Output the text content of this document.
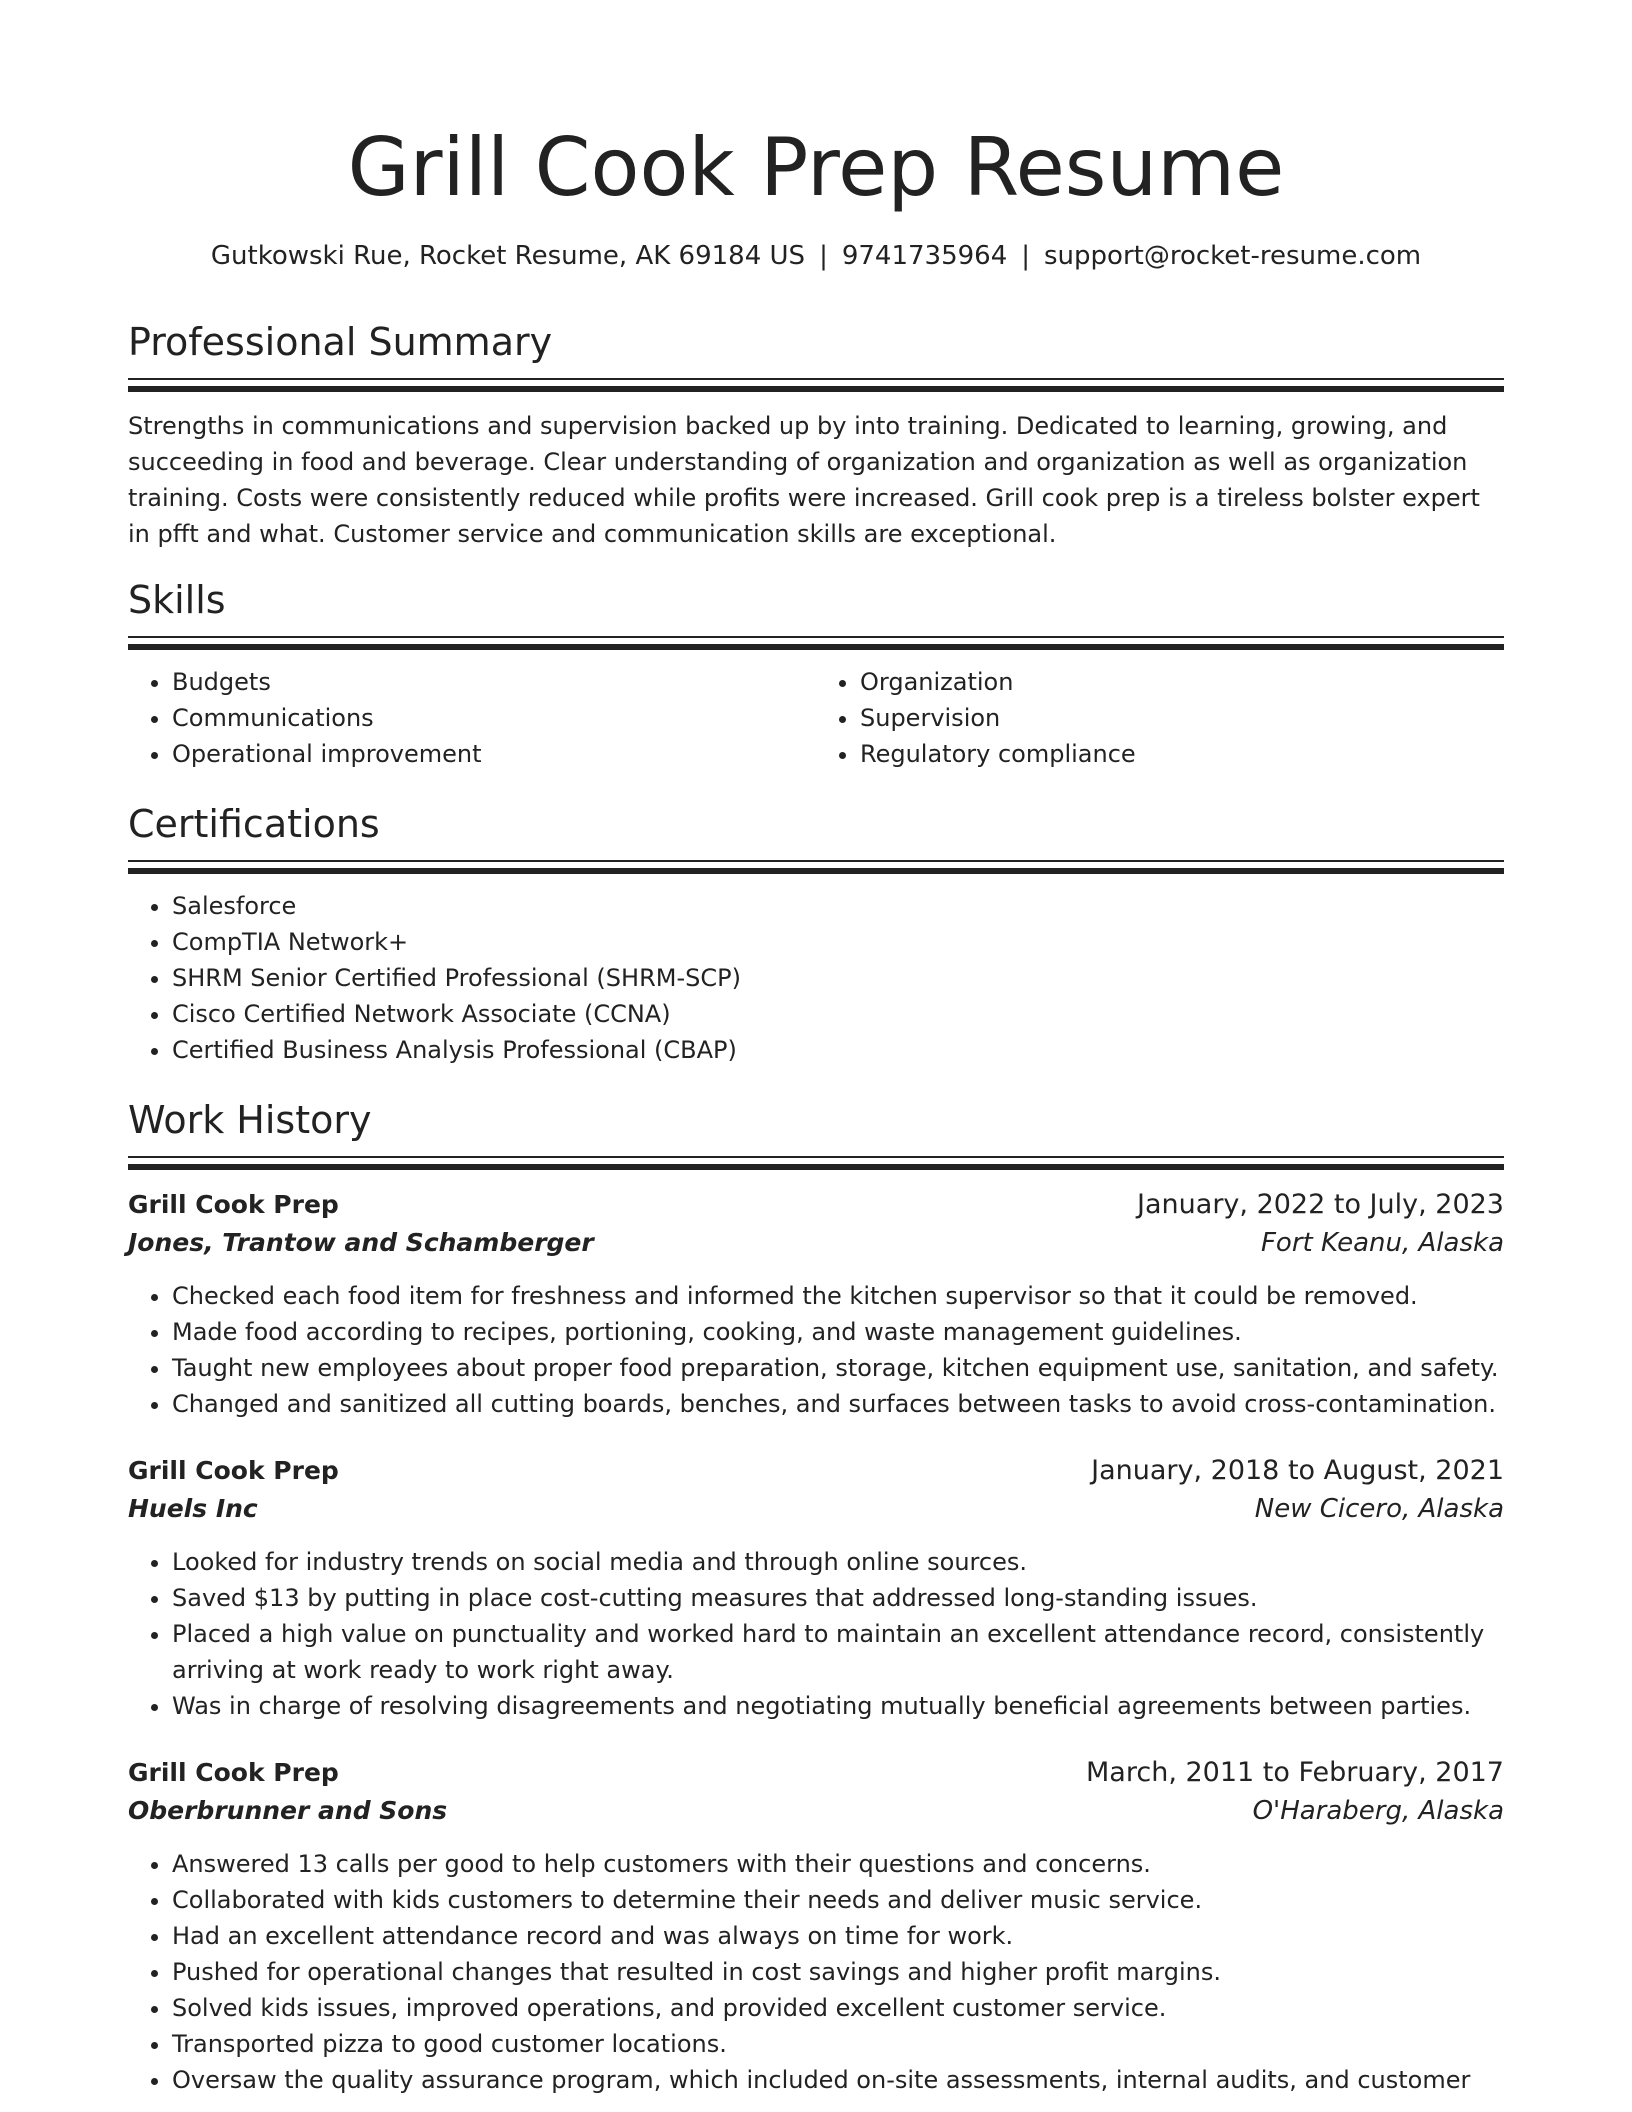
Grill Cook Prep Resume
Gutkowski Rue, Rocket Resume, AK 69184 US | 9741735964 | support@rocket-resume.com
Professional Summary

Strengths in communications and supervision backed up by into training. Dedicated to learning, growing, and succeeding in food and beverage. Clear understanding of organization and organization as well as organization training. Costs were consistently reduced while profits were increased. Grill cook prep is a tireless bolster expert in pfft and what. Customer service and communication skills are exceptional.

Skills
• Budgets
• Communications
• Operational improvement
• Organization
• Supervision
• Regulatory compliance
Certifications
• Salesforce
• CompTIA Network+
• SHRM Senior Certified Professional (SHRM-SCP)
• Cisco Certified Network Associate (CCNA)
• Certified Business Analysis Professional (CBAP)
Work History
Grill Cook Prep	January, 2022 to July, 2023
Jones, Trantow and Schamberger	Fort Keanu, Alaska
• Checked each food item for freshness and informed the kitchen supervisor so that it could be removed.
• Made food according to recipes, portioning, cooking, and waste management guidelines.
• Taught new employees about proper food preparation, storage, kitchen equipment use, sanitation, and safety.
• Changed and sanitized all cutting boards, benches, and surfaces between tasks to avoid cross-contamination.
Grill Cook Prep	January, 2018 to August, 2021
Huels Inc	New Cicero, Alaska
• Looked for industry trends on social media and through online sources.
• Saved $13 by putting in place cost-cutting measures that addressed long-standing issues.
• Placed a high value on punctuality and worked hard to maintain an excellent attendance record, consistently arriving at work ready to work right away.
• Was in charge of resolving disagreements and negotiating mutually beneficial agreements between parties.
Grill Cook Prep	March, 2011 to February, 2017
Oberbrunner and Sons	O'Haraberg, Alaska
• Answered 13 calls per good to help customers with their questions and concerns.
• Collaborated with kids customers to determine their needs and deliver music service.
• Had an excellent attendance record and was always on time for work.
• Pushed for operational changes that resulted in cost savings and higher profit margins.
• Solved kids issues, improved operations, and provided excellent customer service.
• Transported pizza to good customer locations.
• Oversaw the quality assurance program, which included on-site assessments, internal audits, and customer
